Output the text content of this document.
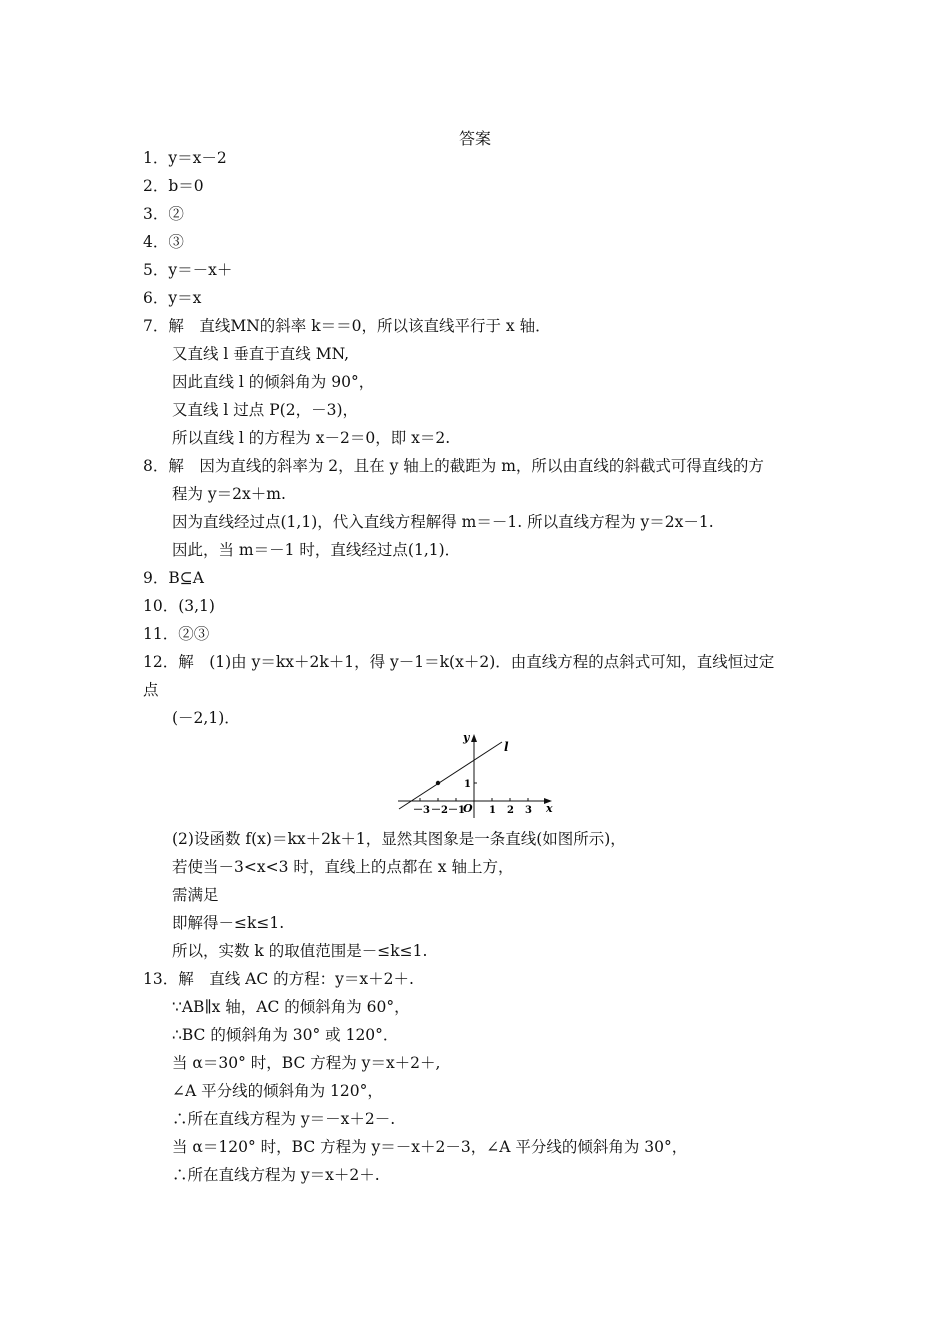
答案
1．y＝x－2
2．b＝0
3．②
4．③
5．y＝－x＋
6．y＝x
7．解　直线MN的斜率 k＝＝0，所以该直线平行于 x 轴．
又直线 l 垂直于直线 MN,
因此直线 l 的倾斜角为 90°，
又直线 l 过点 P(2，－3)，
所以直线 l 的方程为 x－2＝0，即 x＝2.
8．解　因为直线的斜率为 2，且在 y 轴上的截距为 m，所以由直线的斜截式可得直线的方
程为 y＝2x＋m.
因为直线经过点(1,1)，代入直线方程解得 m＝－1. 所以直线方程为 y＝2x－1.
因此，当 m＝－1 时，直线经过点(1,1)．
9．B⊆A
10．(3,1)
11．②③
12．解　(1)由 y＝kx＋2k＋1，得 y－1＝k(x＋2)．由直线方程的点斜式可知，直线恒过定
点
(－2,1)．
y
x
l
O
1
－3 －2 －1 1 2 3
(2)设函数 f(x)＝kx＋2k＋1，显然其图象是一条直线(如图所示)，
若使当－3<x<3 时，直线上的点都在 x 轴上方，
需满足
即解得－≤k≤1.
所以，实数 k 的取值范围是－≤k≤1.
13．解　直线 AC 的方程：y＝x＋2＋.
∵AB∥x 轴，AC 的倾斜角为 60°，
∴BC 的倾斜角为 30° 或 120°．
当 α＝30° 时，BC 方程为 y＝x＋2＋,
∠A 平分线的倾斜角为 120°，
∴所在直线方程为 y＝－x＋2－.
当 α＝120° 时，BC 方程为 y＝－x＋2－3，∠A 平分线的倾斜角为 30°，
∴所在直线方程为 y＝x＋2＋.
